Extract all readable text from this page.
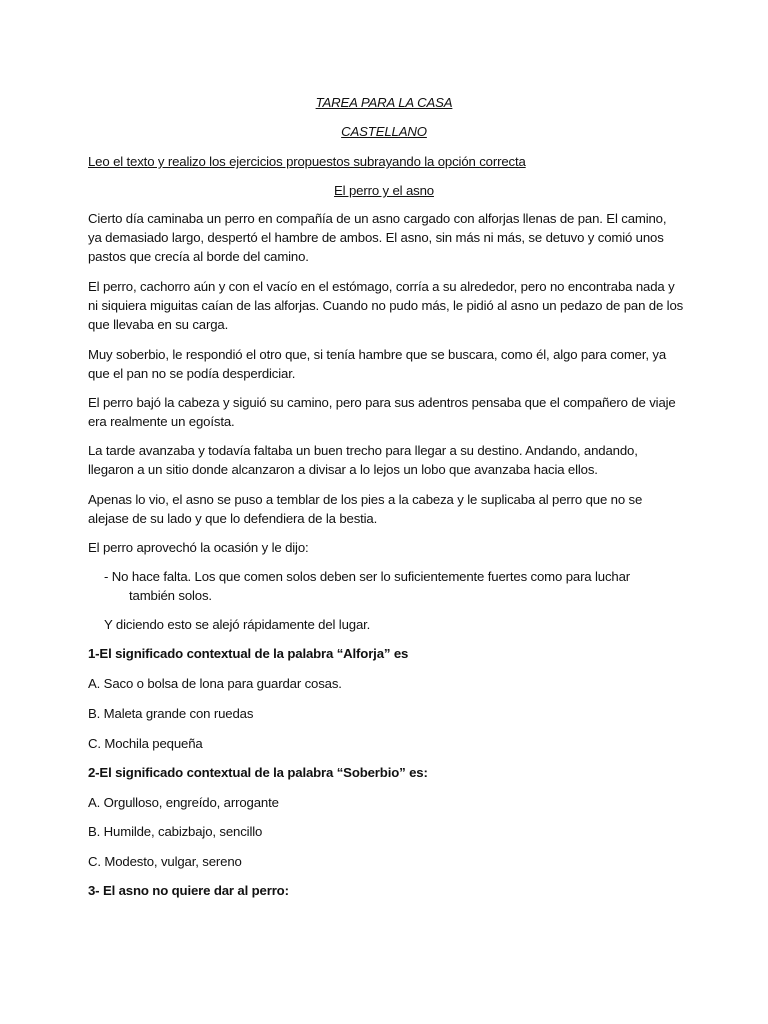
TAREA PARA LA CASA
CASTELLANO
Leo el texto y realizo los ejercicios propuestos subrayando la opción correcta
El perro y el asno
Cierto día caminaba un perro en compañía de un asno cargado con alforjas llenas de pan. El camino,
ya demasiado largo, despertó el hambre de ambos. El asno, sin más ni más, se detuvo y comió unos
pastos que crecía al borde del camino.
El perro, cachorro aún y con el vacío en el estómago, corría a su alrededor, pero no encontraba nada y
ni siquiera miguitas caían de las alforjas. Cuando no pudo más, le pidió al asno un pedazo de pan de los
que llevaba en su carga.
Muy soberbio, le respondió el otro que, si tenía hambre que se buscara, como él, algo para comer, ya
que el pan no se podía desperdiciar.
El perro bajó la cabeza y siguió su camino, pero para sus adentros pensaba que el compañero de viaje
era realmente un egoísta.
La tarde avanzaba y todavía faltaba un buen trecho para llegar a su destino. Andando, andando,
llegaron a un sitio donde alcanzaron a divisar a lo lejos un lobo que avanzaba hacia ellos.
Apenas lo vio, el asno se puso a temblar de los pies a la cabeza y le suplicaba al perro que no se
alejase de su lado y que lo defendiera de la bestia.
El perro aprovechó la ocasión y le dijo:
- No hace falta. Los que comen solos deben ser lo suficientemente fuertes como para luchar
también solos.
Y diciendo esto se alejó rápidamente del lugar.
1-El significado contextual de la palabra “Alforja” es
A. Saco o bolsa de lona para guardar cosas.
B. Maleta grande con ruedas
C. Mochila pequeña
2-El significado contextual de la palabra “Soberbio” es:
A. Orgulloso, engreído, arrogante
B. Humilde, cabizbajo, sencillo
C. Modesto, vulgar, sereno
3- El asno no quiere dar al perro:
